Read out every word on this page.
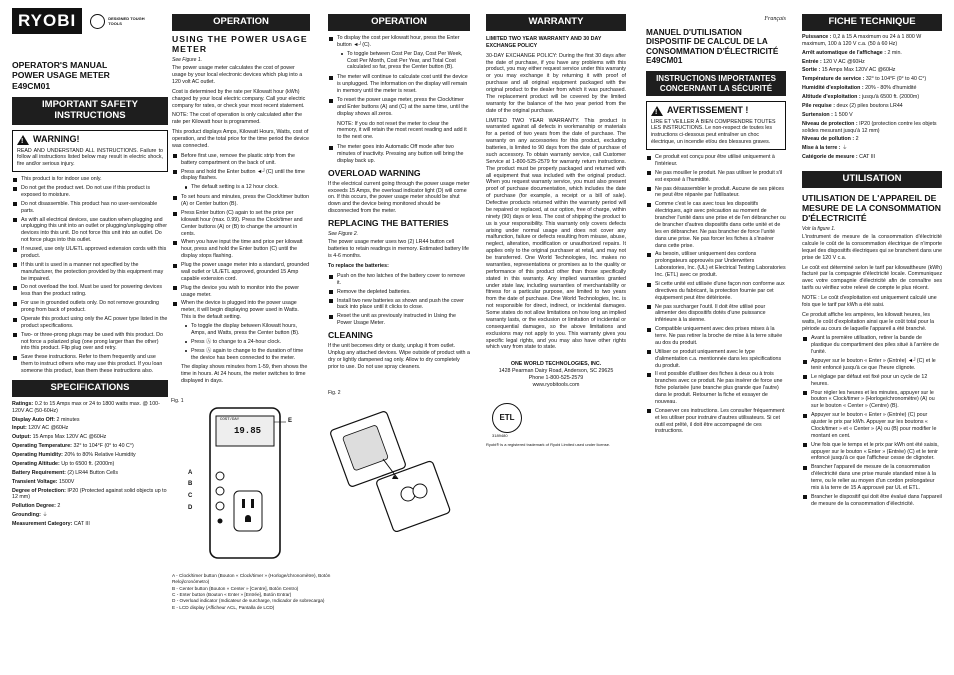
RYOBI	DESIGNED TOUGH TOOLS
OPERATOR'S MANUAL
POWER USAGE METER
E49CM01
IMPORTANT SAFETY INSTRUCTIONS
! WARNING!
READ AND UNDERSTAND ALL INSTRUCTIONS. Failure to follow all instructions listed below may result in electric shock, fire and/or serious injury.
This product is for indoor use only.
Do not get the product wet. Do not use if this product is exposed to moisture.
Do not disassemble. This product has no user-serviceable parts.
As with all electrical devices, use caution when plugging and unplugging this unit into an outlet or plugging/unplugging other devices into this unit. Do not force this unit into an outlet. Do not force plugs into this outlet.
If reused, use only UL/ETL approved extension cords with this product.
If this unit is used in a manner not specified by the manufacturer, the protection provided by this equipment may be impaired.
Do not overload the tool. Must be used for powering devices less than the product rating.
For use in grounded outlets only. Do not remove grounding prong from back of product.
Operate this product using only the AC power type listed in the product specifications.
Two- or three-prong plugs may be used with this product. Do not force a polarized plug (one prong larger than the other) into this product. Flip plug over and retry.
Save these instructions. Refer to them frequently and use them to instruct others who may use this product. If you loan someone this product, loan them these instructions also.
SPECIFICATIONS
Ratings: 0.2 to 15 Amps max or 24 to 1800 watts max. @ 100-120V AC (50-60Hz)
Display Auto Off: 2 minutes
Input: 120V AC @60Hz
Output: 15 Amps Max 120V AC @60Hz
Operating Temperature: 32° to 104°F (0° to 40 C°)
Operating Humidity: 20% to 80% Relative Humidity
Operating Altitude: Up to 6500 ft. (2000m)
Battery Requirement: (2) LR44 Button Cells
Transient Voltage: 1500V
Degree of Protection: IP20 (Protected against solid objects up to 12 mm)
Pollution Degree: 2
Grounding: ⏚
Measurement Category: CAT III
OPERATION
USING THE POWER USAGE METER
See Figure 1.

The power usage meter calculates the cost of power usage by your local electronic devices which plug into a 120 volt AC outlet.

Cost is determined by the rate per Kilowatt hour (kWh) charged by your local electric company. Call your electric company for rates, or check your most recent statement.

NOTE: The cost of operation is only calculated after the rate per Kilowatt hour is programmed.

This product displays Amps, Kilowatt Hours, Watts, cost of operation, and the total price for the time period the device was connected.

Before first use, remove the plastic strip from the battery compartment on the back of unit.
Press and hold the Enter button ◄┘(C) until the time display flashes.
The default setting is a 12 hour clock.
To set hours and minutes, press the Clock/timer button (A) or Center button (B).
Press Enter button (C) again to set the price per kilowatt hour (max. 0.99). Press the Clock/timer and Center buttons (A) or (B) to change the amount in cents.
When you have input the time and price per kilowatt hour, press and hold the Enter button (C) until the display stops flashing.
Plug the power usage meter into a standard, grounded wall outlet or UL/ETL approved, grounded 15 Amp capable extension cord.
Plug the device you wish to monitor into the power usage meter.
When the device is plugged into the power usage meter, it will begin displaying power used in Watts. This is the default setting.
To toggle the display between Kilowatt hours, Amps, and Watts, press the Center button (B).
Press Ⓐ to change to a 24-hour clock.
Press Ⓐ again to change to the duration of time the device has been connected to the meter.

The display shows minutes from 1-59, then shows the time in hours. At 24 hours, the meter switches to time displayed in days.

Fig. 1
COST/DAY
19.85
E
A
B
C
D
A - Clock/timer button (Bouton « Clock/timer » (Horloge/chronomètre), Botón Reloj/cronómetro)
B - Center button (Bouton « Center » [Centre], Botón Centro)
C - Enter button (Bouton « Enter » [Entrée], Botón Entrar)
D - Overload indicator (Indicateur de surcharge, Indicador de sobrecarga)
E - LCD display (Afficheur ACL, Pantalla de LCD)
OPERATION
To display the cost per kilowatt hour, press the Enter button ◄┘(C).
To toggle between Cost Per Day, Cost Per Week, Cost Per Month, Cost Per Year, and Total Cost calculated so far, press the Center button (B).
The meter will continue to calculate cost until the device is unplugged. The information on the display will remain in memory until the meter is reset.
To reset the power usage meter, press the Clock/timer and Enter buttons (A) and (C) at the same time, until the display shows all zeros.

NOTE: If you do not reset the meter to clear the memory, it will retain the most recent reading and add it to the next one.

The meter goes into Automatic Off mode after two minutes of inactivity. Pressing any button will bring the display back up.
OVERLOAD WARNING

If the electrical current going through the power usage meter exceeds 15 Amps, the overload indicator light (D) will come on. If this occurs, the power usage meter should be shut down and the device being monitored should be disconnected from the meter.

REPLACING THE BATTERIES
See Figure 2.

The power usage meter uses two (2) LR44 button cell batteries to retain readings in memory. Estimated battery life is 4-6 months.

To replace the batteries:

Push on the two latches of the battery cover to remove it.
Remove the depleted batteries.
Install two new batteries as shown and push the cover back into place until it clicks to close.
Reset the unit as previously instructed in Using the Power Usage Meter.
CLEANING

If the unit becomes dirty or dusty, unplug it from outlet. Unplug any attached devices. Wipe outside of product with a dry or lightly dampened rag only. Allow to dry completely prior to use. Do not use spray cleaners.

Fig. 2
WARRANTY

LIMITED TWO YEAR WARRANTY AND 30 DAY EXCHANGE POLICY

30-DAY EXCHANGE POLICY: During the first 30 days after the date of purchase, if you have any problems with this product, you may either request service under this warranty or you may exchange it by returning it with proof of purchase and all original equipment packaged with the original product to the dealer from which it was purchased. The replacement product will be covered by the limited warranty for the balance of the two year period from the date of the original purchase.

LIMITED TWO YEAR WARRANTY. This product is warranted against all defects in workmanship or materials for a period of two years from the date of purchase. The warranty on any accessories for this product, excluding batteries, is limited to 90 days from the date of purchase of such accessory. To obtain warranty service, call Customer Service at 1-800-525-2579 for warranty return instructions. The product must be properly packaged and returned with all equipment that was included with the original product. When you request warranty service, you must also present proof of purchase documentation, which includes the date of purchase (for example, a receipt or a bill of sale). Defective products returned within the warranty period will be repaired or replaced, at our option, free of charge, within ninety (90) days or less. The cost of shipping the product to us is your responsibility. This warranty only covers defects arising under normal usage and does not cover any malfunction, failure or defects resulting from misuse, abuse, neglect, alteration, modification or unauthorized repairs. It applies only to the original purchaser at retail, and may not be transferred. One World Technologies, Inc. makes no warranties, representations or promises as to the quality or performance of this product other than those specifically stated in this warranty. Any implied warranties granted under state law, including warranties of merchantability or fitness for a particular purpose, are limited to two years from the date of purchase. One World Technologies, Inc. is not responsible for direct, indirect, or incidental damages. Some states do not allow limitations on how long an implied warranty lasts, or the exclusion or limitation of incidental or consequential damages, so the above limitations and exclusions may not apply to you. This warranty gives you specific legal rights, and you may also have other rights which vary from state to state.

ONE WORLD TECHNOLOGIES, INC.
1428 Pearman Dairy Road, Anderson, SC 29625
Phone 1-800-525-2579
www.ryobitools.com
ETL
3189480
Ryobi® is a registered trademark of Ryobi Limited used under license.
Français
MANUEL D'UTILISATION DISPOSITIF DE CALCUL DE LA CONSOMMATION D'ÉLECTRICITÉ
E49CM01
INSTRUCTIONS IMPORTANTES CONCERNANT LA SÉCURITÉ
! AVERTISSEMENT !
LIRE ET VEILLER À BIEN COMPRENDRE TOUTES LES INSTRUCTIONS. Le non-respect de toutes les instructions ci-dessous peut entraîner un choc électrique, un incendie et/ou des blessures graves.
Ce produit est conçu pour être utilisé uniquement à l'intérieur.
Ne pas mouiller le produit. Ne pas utiliser le produit s'il est exposé à l'humidité.
Ne pas désassembler le produit. Aucune de ses pièces ne peut être réparée par l'utilisateur.
Comme c'est le cas avec tous les dispositifs électriques, agir avec précaution au moment de brancher l'unité dans une prise et de l'en débrancher ou de brancher d'autres dispositifs dans cette unité et de les en débrancher. Ne pas brancher de force l'unité dans une prise. Ne pas forcer les fiches à s'insérer dans cette prise.
Au besoin, utiliser uniquement des cordons prolongateurs approuvés par Underwriters Laboratories, Inc. (UL) et Electrical Testing Laboratories Inc. (ETL) avec ce produit.
Si cette unité est utilisée d'une façon non conforme aux directives du fabricant, la protection fournie par cet équipement peut être détériorée.
Ne pas surcharger l'outil. Il doit être utilisé pour alimenter des dispositifs dotés d'une puissance inférieure à la sienne.
Compatible uniquement avec des prises mises à la terre. Ne pas retirer la broche de mise à la terre située au dos du produit.
Utiliser ce produit uniquement avec le type d'alimentation c.a. mentionnée dans les spécifications du produit.
Il est possible d'utiliser des fiches à deux ou à trois branches avec ce produit. Ne pas insérer de force une fiche polarisée (une branche plus grande que l'autre) dans le produit. Retourner la fiche et essayer de nouveau.
Conserver ces instructions. Les consulter fréquemment et les utiliser pour instruire d'autres utilisateurs. Si cet outil est prêté, il doit être accompagné de ces instructions.
FICHE TECHNIQUE
Puissance : 0,2 à 15 A maximum ou 24 à 1 800 W maximum, 100 à 120 V c.a. (50 à 60 Hz)
Arrêt automatique de l'affichage : 2 min.
Entrée : 120 V AC @60Hz
Sortie : 15 Amps Max 120V AC @60Hz
Température de service : 32° to 104°F (0° to 40 C°)
Humidité d'exploitation : 20% - 80% d'humidité
Altitude d'exploitation : jusqu'à 6500 ft. (2000m)
Pile requise : deux (2) piles boutons LR44
Surtension : 1 500 V
Niveau de protection : IP20 (protection contre les objets solides mesurant jusqu'à 12 mm)
Niveau de pollution : 2
Mise à la terre : ⏚
Catégorie de mesure : CAT III
UTILISATION
UTILISATION DE L'APPAREIL DE MESURE DE LA CONSOMMATION D'ÉLECTRICITÉ
Voir la figure 1.

L'instrument de mesure de la consommation d'électricité calcule le coût de la consommation électrique de n'importe lequel des dispositifs électriques qui se branchent dans une prise de 120 V c.a.

Le coût est déterminé selon le tarif par kilowattheure (kWh) facturé par la compagnie d'électricité locale. Communiquez avec votre compagnie d'électricité afin de connaître ses tarifs ou vérifiez votre relevé de compte le plus récent.

NOTE : Le coût d'exploitation est uniquement calculé une fois que le tarif par kWh a été saisi.

Ce produit affiche les ampères, les kilowatt heures, les watts, le coût d'exploitation ainsi que le coût total pour la période au cours de laquelle l'appareil a été branché.

Avant la première utilisation, retirer la bande de plastique du compartiment des piles situé à l'arrière de l'unité.
Appuyer sur le bouton « Enter » (Entrée) ◄┘(C) et le tenir enfoncé jusqu'à ce que l'heure clignote.
Le réglage par défaut est fixé pour un cycle de 12 heures.
Pour régler les heures et les minutes, appuyer sur le bouton « Clock/timer » (Horloge/chronomètre) (A) ou sur le bouton « Center » (Centre) (B).
Appuyer sur le bouton « Enter » (Entrée) (C) pour ajuster le prix par kWh. Appuyer sur les boutons « Clock/timer » et « Center » (A) ou (B) pour modifier le montant en cent.
Une fois que le temps et le prix par kWh ont été saisis, appuyer sur le bouton « Enter » (Entrée) (C) et le tenir enfoncé jusqu'à ce que l'afficheur cesse de clignoter.
Brancher l'appareil de mesure de la consommation d'électricité dans une prise murale standard mise à la terre, ou le relier au moyen d'un cordon prolongateur mis à la terre de 15 A approuvé par UL et ETL.
Brancher le dispositif qui doit être évalué dans l'appareil de mesure de la consommation d'électricité.
